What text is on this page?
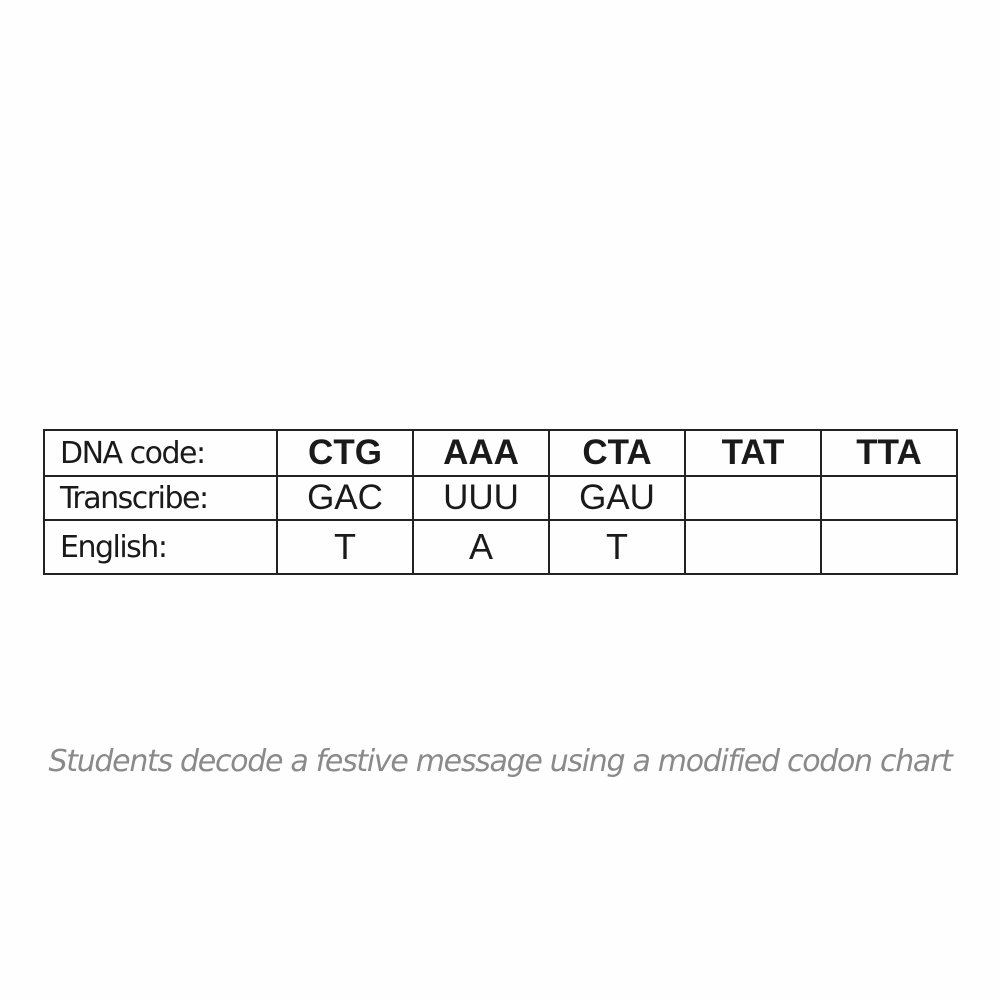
DNA code:	CTG	AAA	CTA	TAT	TTA
Transcribe:	GAC	UUU	GAU		
English:	T	A	T		
Students decode a festive message using a modified codon chart
